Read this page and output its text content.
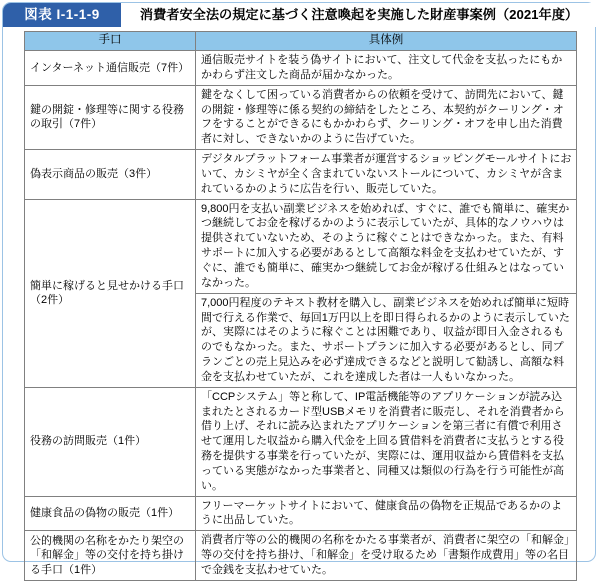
図表 I-1-1-9	消費者安全法の規定に基づく注意喚起を実施した財産事案例（2021年度）
手口	具体例

インターネット通信販売（7件）	通信販売サイトを装う偽サイトにおいて、注文して代金を支払ったにもかかわらず注文した商品が届かなかった。

鍵の開錠・修理等に関する役務の取引（7件）	鍵をなくして困っている消費者からの依頼を受けて、訪問先において、鍵の開錠・修理等に係る契約の締結をしたところ、本契約がクーリング・オフをすることができるにもかかわらず、クーリング・オフを申し出た消費者に対し、できないかのように告げていた。

偽表示商品の販売（3件）	デジタルプラットフォーム事業者が運営するショッピングモールサイトにおいて、カシミヤが全く含まれていないストールについて、カシミヤが含まれているかのように広告を行い、販売していた。

簡単に稼げると見せかける手口（2件）	9,800円を支払い副業ビジネスを始めれば、すぐに、誰でも簡単に、確実かつ継続してお金を稼げるかのように表示していたが、具体的なノウハウは提供されていないため、そのように稼ぐことはできなかった。また、有料サポートに加入する必要があるとして高額な料金を支払わせていたが、すぐに、誰でも簡単に、確実かつ継続してお金が稼げる仕組みとはなっていなかった。
7,000円程度のテキスト教材を購入し、副業ビジネスを始めれば簡単に短時間で行える作業で、毎回1万円以上を即日得られるかのように表示していたが、実際にはそのように稼ぐことは困難であり、収益が即日入金されるものでもなかった。また、サポートプランに加入する必要があるとし、同プランごとの売上見込みを必ず達成できるなどと説明して勧誘し、高額な料金を支払わせていたが、これを達成した者は一人もいなかった。

役務の訪問販売（1件）	「CCPシステム」等と称して、IP電話機能等のアプリケーションが読み込まれたとされるカード型USBメモリを消費者に販売し、それを消費者から借り上げ、それに読み込まれたアプリケーションを第三者に有償で利用させて運用した収益から購入代金を上回る賃借料を消費者に支払うとする役務を提供する事業を行っていたが、実際には、運用収益から賃借料を支払っている実態がなかった事業者と、同種又は類似の行為を行う可能性が高い。

健康食品の偽物の販売（1件）	フリーマーケットサイトにおいて、健康食品の偽物を正規品であるかのように出品していた。

公的機関の名称をかたり架空の「和解金」等の交付を持ち掛ける手口（1件）	消費者庁等の公的機関の名称をかたる事業者が、消費者に架空の「和解金」等の交付を持ち掛け、「和解金」を受け取るため「書類作成費用」等の名目で金銭を支払わせていた。
